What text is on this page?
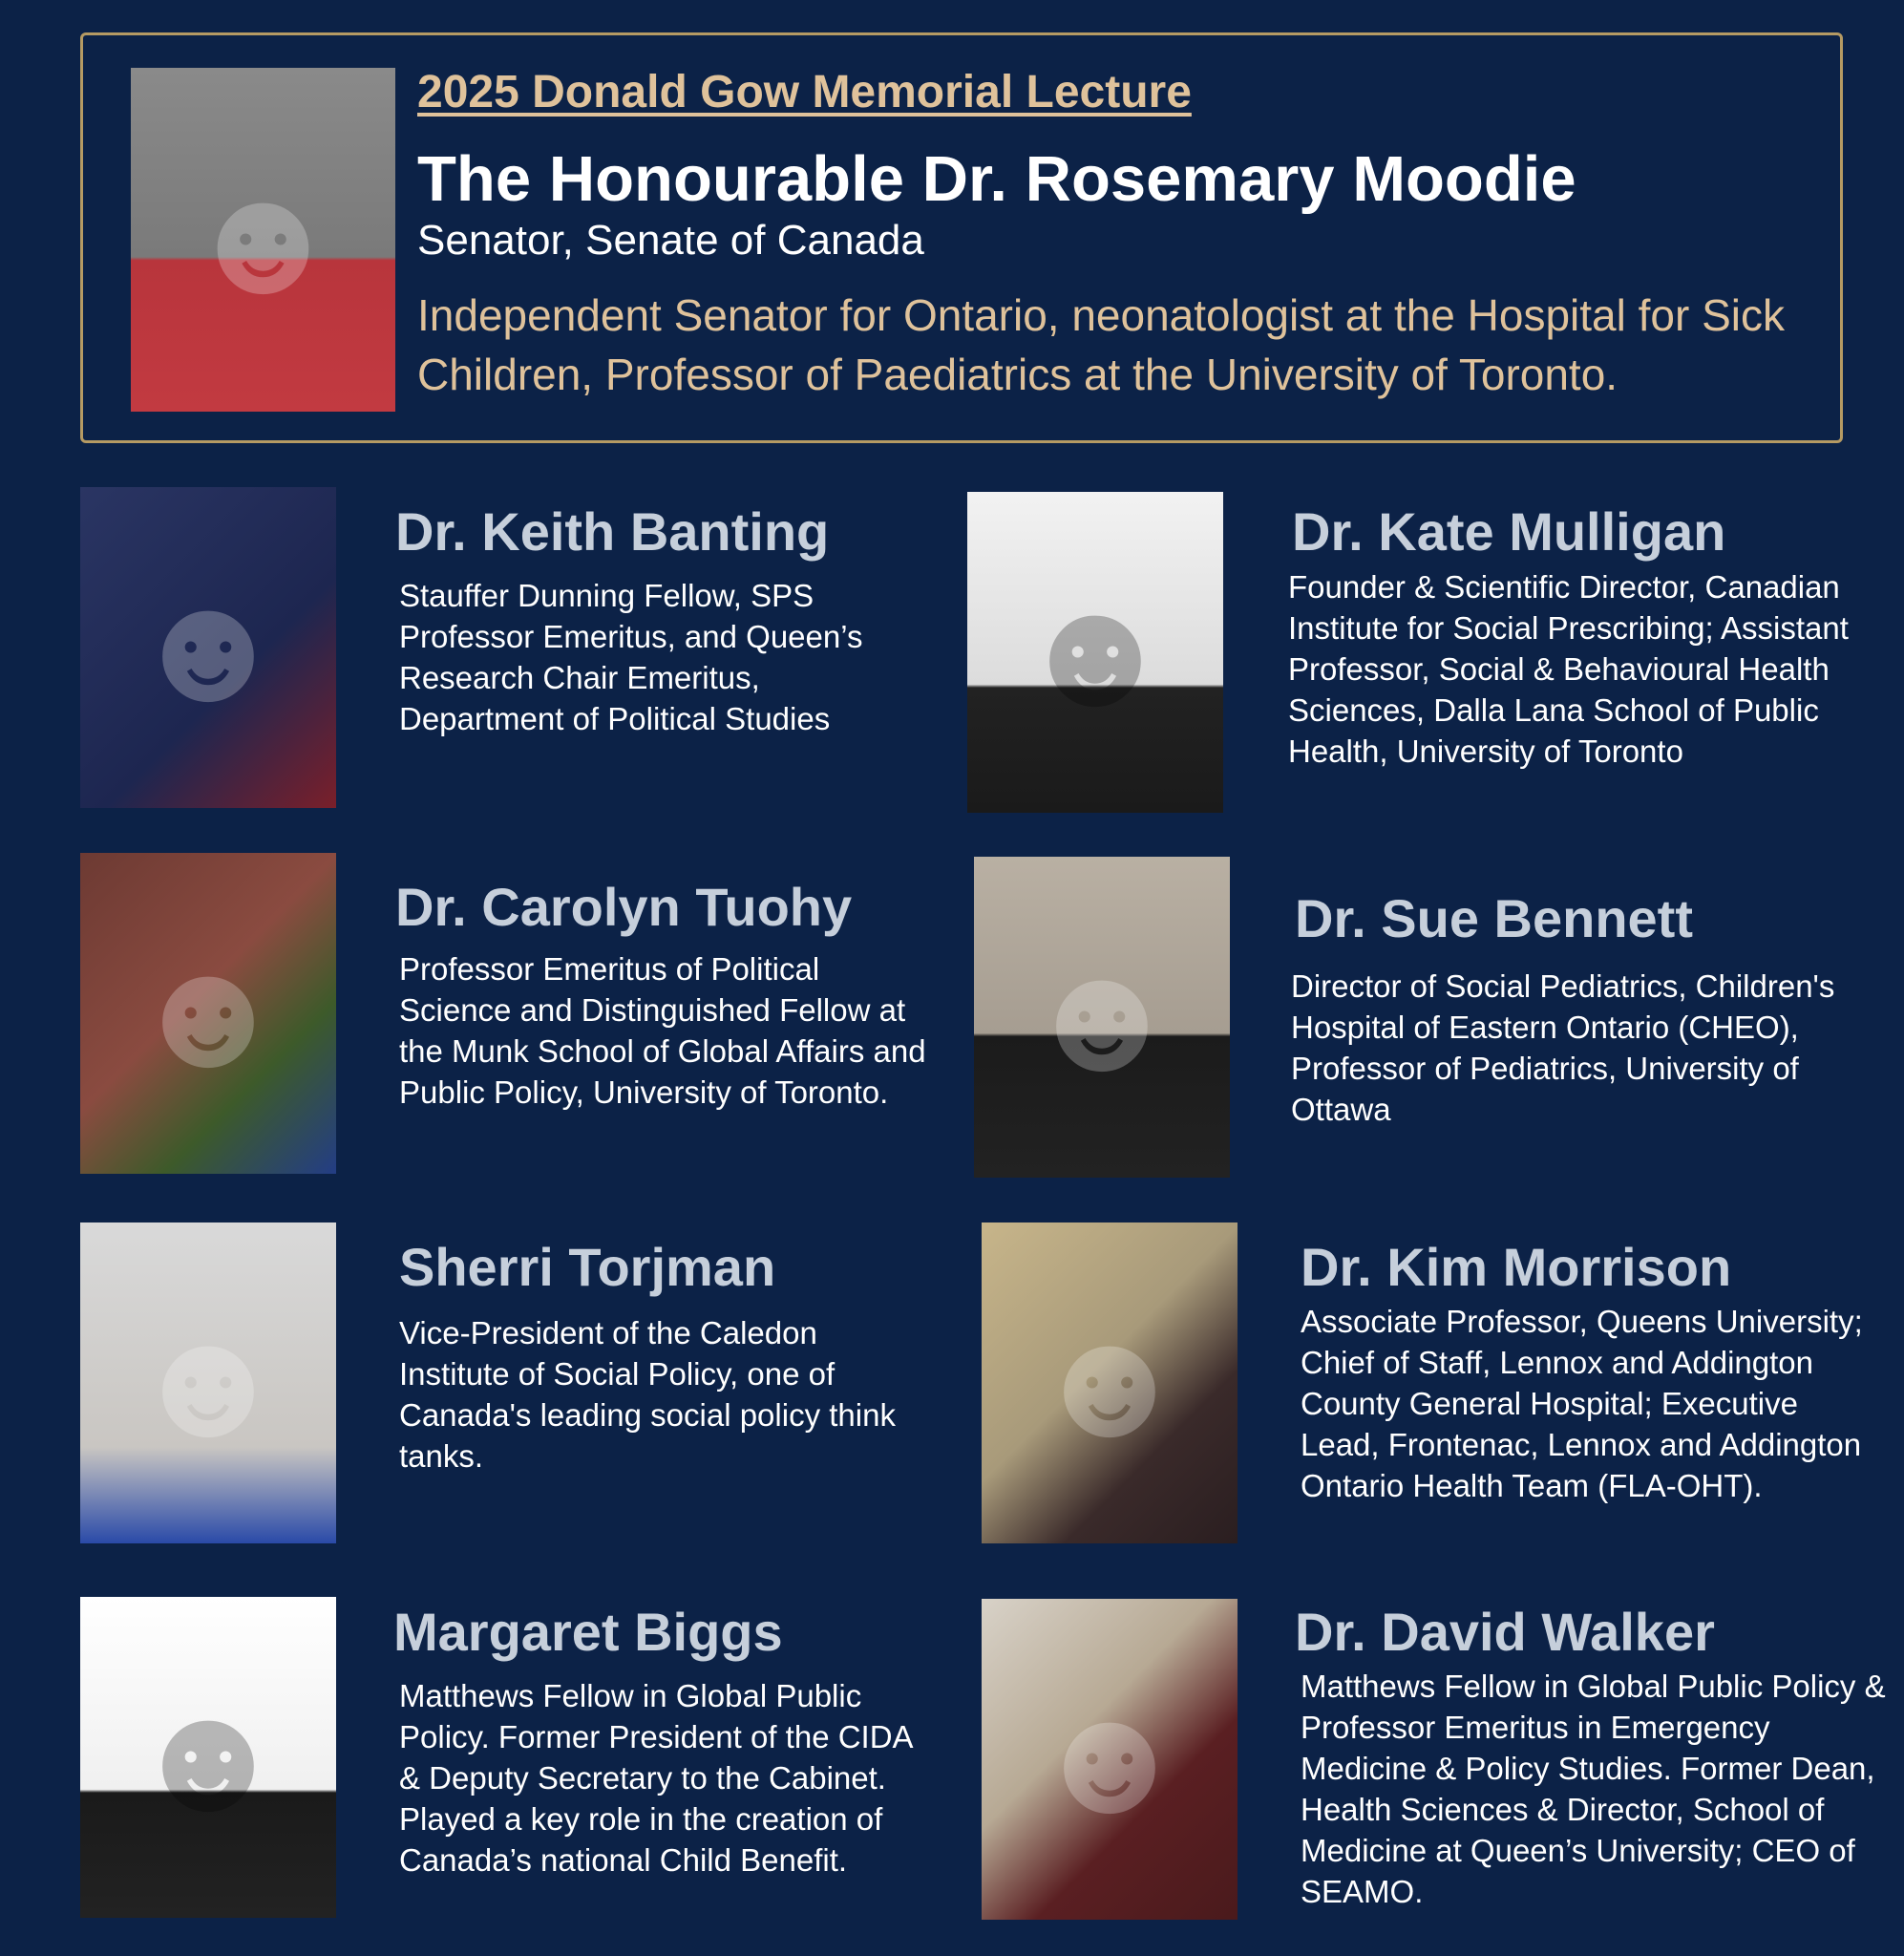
☻
2025 Donald Gow Memorial Lecture
The Honourable Dr. Rosemary Moodie

Senator, Senate of Canada

Independent Senator for Ontario, neonatologist at the Hospital for Sick Children, Professor of Paediatrics at the University of Toronto.

☻
Dr. Keith Banting

Stauffer Dunning Fellow, SPS Professor Emeritus, and Queen’s Research Chair Emeritus, Department of Political Studies	☻
Dr. Kate Mulligan

Founder & Scientific Director, Canadian Institute for Social Prescribing; Assistant Professor, Social & Behavioural Health Sciences, Dalla Lana School of Public Health, University of Toronto

☻
Dr. Carolyn Tuohy

Professor Emeritus of Political Science and Distinguished Fellow at the Munk School of Global Affairs and Public Policy, University of Toronto. ☻
Dr. Sue Bennett

Director of Social Pediatrics, Children's Hospital of Eastern Ontario (CHEO), Professor of Pediatrics, University of Ottawa

☻
Sherri Torjman

Vice-President of the Caledon Institute of Social Policy, one of Canada's leading social policy think tanks.	☻
Dr. Kim Morrison

Associate Professor, Queens University; Chief of Staff, Lennox and Addington County General Hospital; Executive Lead, Frontenac, Lennox and Addington Ontario Health Team (FLA-OHT).

☻
Margaret Biggs

Matthews Fellow in Global Public Policy. Former President of the CIDA & Deputy Secretary to the Cabinet. Played a key role in the creation of Canada’s national Child Benefit.

☻
Dr. David Walker

Matthews Fellow in Global Public Policy & Professor Emeritus in Emergency Medicine & Policy Studies. Former Dean, Health Sciences & Director, School of Medicine at Queen’s University; CEO of SEAMO.
